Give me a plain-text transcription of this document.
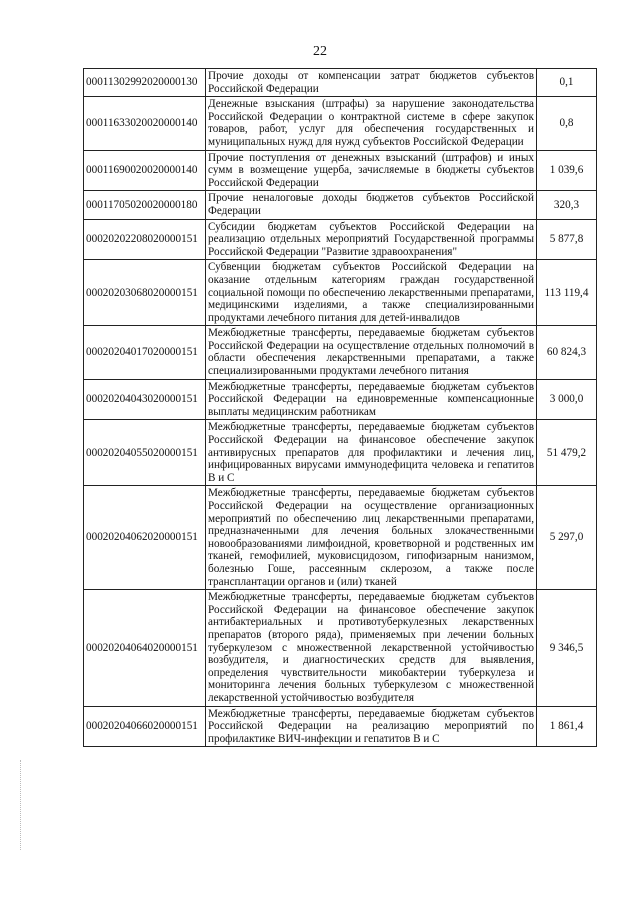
22
00011302992020000130	Прочие доходы от компенсации затрат бюджетов субъектов Российской Федерации	0,1
00011633020020000140	Денежные взыскания (штрафы) за нарушение законодательства Российской Федерации о контрактной системе в сфере закупок товаров, работ, услуг для обеспечения государственных и муниципальных нужд для нужд субъектов Российской Федерации	0,8
00011690020020000140	Прочие поступления от денежных взысканий (штрафов) и иных сумм в возмещение ущерба, зачисляемые в бюджеты субъектов Российской Федерации	1 039,6
00011705020020000180	Прочие неналоговые доходы бюджетов субъектов Российской Федерации	320,3
00020202208020000151	Субсидии бюджетам субъектов Российской Федерации на реализацию отдельных мероприятий Государственной программы Российской Федерации "Развитие здравоохранения"	5 877,8
00020203068020000151	Субвенции бюджетам субъектов Российской Федерации на оказание отдельным категориям граждан государственной социальной помощи по обеспечению лекарственными препаратами, медицинскими изделиями, а также специализированными продуктами лечебного питания для детей-инвалидов	113 119,4
00020204017020000151	Межбюджетные трансферты, передаваемые бюджетам субъектов Российской Федерации на осуществление отдельных полномочий в области обеспечения лекарственными препаратами, а также специализированными продуктами лечебного питания	60 824,3
00020204043020000151	Межбюджетные трансферты, передаваемые бюджетам субъектов Российской Федерации на единовременные компенсационные выплаты медицинским работникам	3 000,0
00020204055020000151	Межбюджетные трансферты, передаваемые бюджетам субъектов Российской Федерации на финансовое обеспечение закупок антивирусных препаратов для профилактики и лечения лиц, инфицированных вирусами иммунодефицита человека и гепатитов В и С	51 479,2
00020204062020000151	Межбюджетные трансферты, передаваемые бюджетам субъектов Российской Федерации на осуществление организационных мероприятий по обеспечению лиц лекарственными препаратами, предназначенными для лечения больных злокачественными новообразованиями лимфоидной, кроветворной и родственных им тканей, гемофилией, муковисцидозом, гипофизарным нанизмом, болезнью Гоше, рассеянным склерозом, а также после трансплантации органов и (или) тканей	5 297,0
00020204064020000151	Межбюджетные трансферты, передаваемые бюджетам субъектов Российской Федерации на финансовое обеспечение закупок антибактериальных и противотуберкулезных лекарственных препаратов (второго ряда), применяемых при лечении больных туберкулезом с множественной лекарственной устойчивостью возбудителя, и диагностических средств для выявления, определения чувствительности микобактерии туберкулеза и мониторинга лечения больных туберкулезом с множественной лекарственной устойчивостью возбудителя	9 346,5
00020204066020000151	Межбюджетные трансферты, передаваемые бюджетам субъектов Российской Федерации на реализацию мероприятий по профилактике ВИЧ-инфекции и гепатитов В и С	1 861,4
